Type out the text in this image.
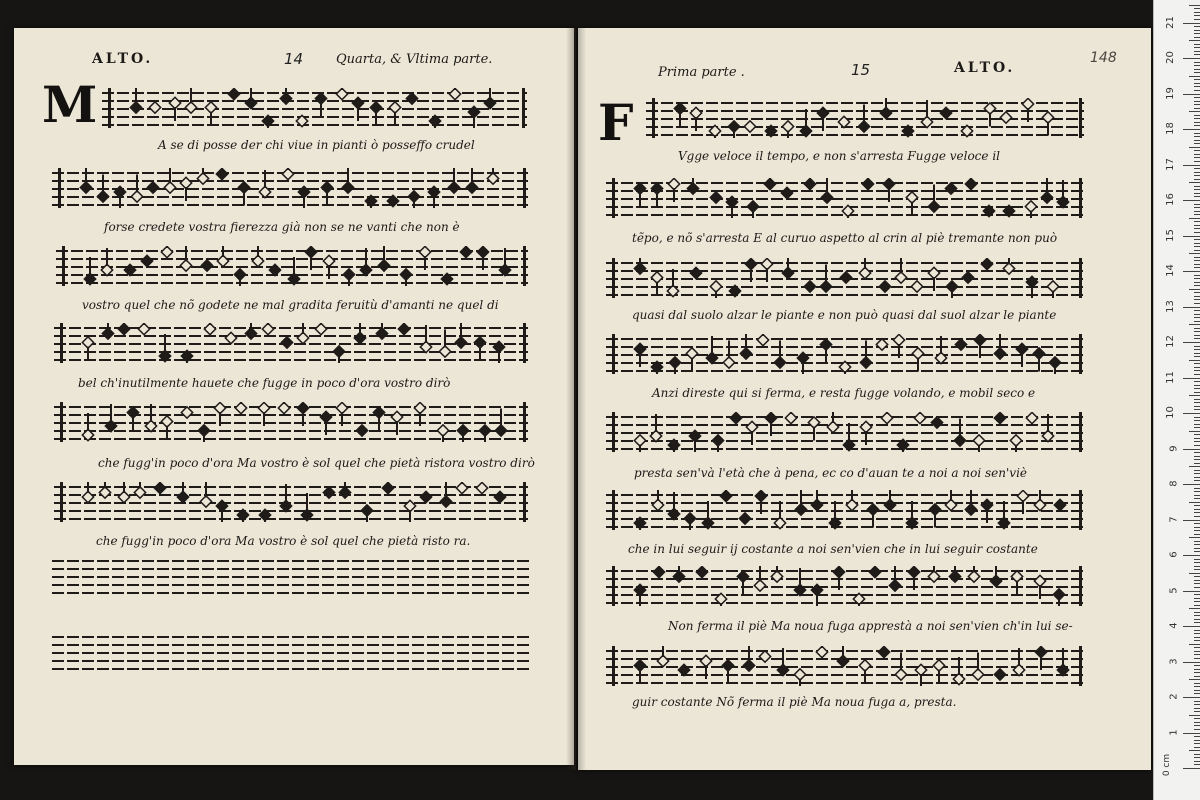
ALTO.	14	Quarta, & Vltima parte.
M
A se di posse der chi viue in pianti ò posseffo crudel
forse credete vostra fierezza già non se ne vanti che non è
vostro quel che nõ godete ne mal gradita feruitù d'amanti ne quel di
bel ch'inutilmente hauete che fugge in poco d'ora vostro dirò
che fugg'in poco d'ora Ma vostro è sol quel che pietà ristora vostro dirò
che fugg'in poco d'ora Ma vostro è sol quel che pietà risto ra.
Prima parte .	15	ALTO.
148
F
Vgge veloce il tempo, e non s'arresta Fugge veloce il
tẽpo, e nõ s'arresta E al curuo aspetto al crin al piè tremante non può
quasi dal suolo alzar le piante e non può quasi dal suol alzar le piante
Anzi direste qui si ferma, e resta fugge volando, e mobil seco e
presta sen'và l'età che à pena, ec co d'auan te a noi a noi sen'viè
che in lui seguir ij costante a noi sen'vien che in lui seguir costante
Non ferma il piè Ma noua fuga apprestà a noi sen'vien ch'in lui se-
guir costante Nõ ferma il piè Ma noua fuga a, presta.
0 cm
1
2
3
4
5
6
7
8
9
10
11
12
13
14
15
16
17
18
19
20
21
